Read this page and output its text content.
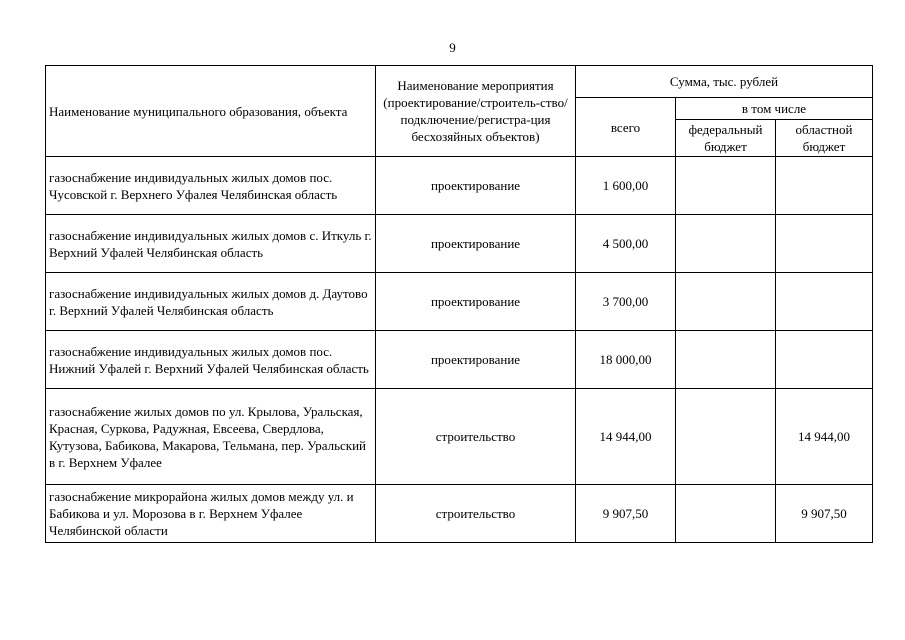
9
Наименование муниципального образования, объекта	Наименование мероприятия (проектирование/строитель-ство/подключение/регистра-ция бесхозяйных объектов)	Сумма, тыс. рублей		
		всего	в том числе	
			федеральный бюджет	областной бюджет
газоснабжение индивидуальных жилых домов пос. Чусовской г. Верхнего Уфалея Челябинская область	проектирование	1 600,00		
газоснабжение индивидуальных жилых домов с. Иткуль г. Верхний Уфалей Челябинская область	проектирование	4 500,00		
газоснабжение индивидуальных жилых домов д. Даутово г. Верхний Уфалей Челябинская область	проектирование	3 700,00		
газоснабжение индивидуальных жилых домов пос. Нижний Уфалей г. Верхний Уфалей Челябинская область	проектирование	18 000,00		
газоснабжение жилых домов по ул. Крылова, Уральская, Красная, Суркова, Радужная, Евсеева, Свердлова, Кутузова, Бабикова, Макарова, Тельмана, пер. Уральский в г. Верхнем Уфалее	строительство	14 944,00		14 944,00
газоснабжение микрорайона жилых домов между ул. и Бабикова и ул. Морозова в г. Верхнем Уфалее Челябинской области	строительство	9 907,50		9 907,50
